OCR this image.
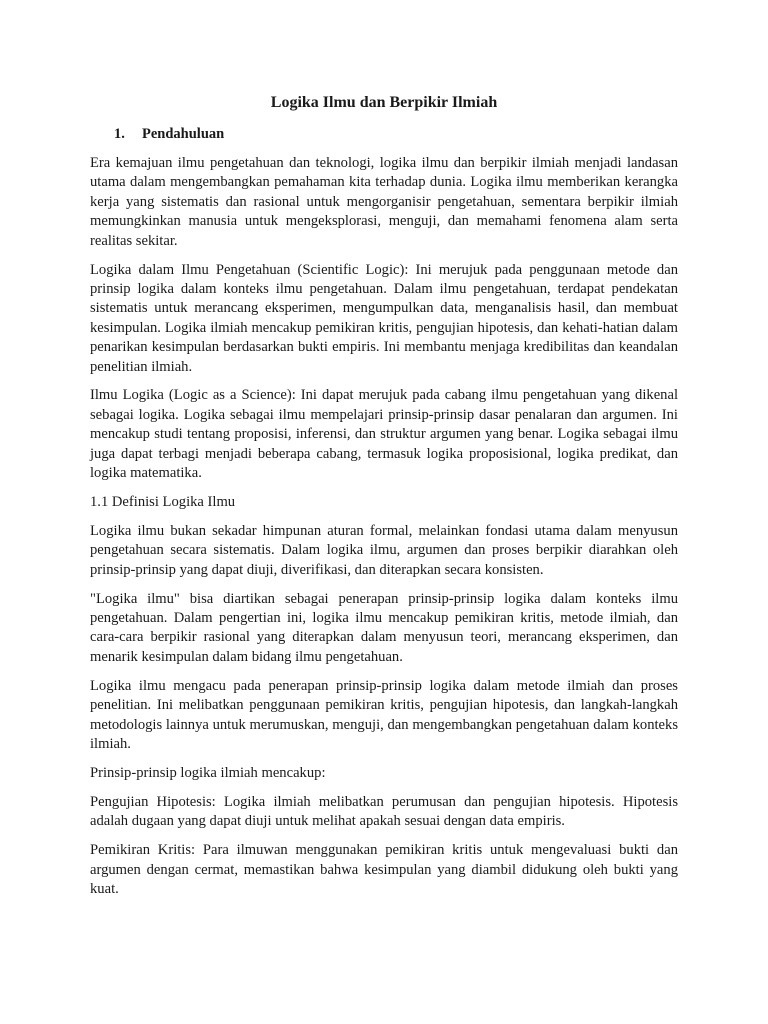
Logika Ilmu dan Berpikir Ilmiah
1.	Pendahuluan

Era kemajuan ilmu pengetahuan dan teknologi, logika ilmu dan berpikir ilmiah menjadi landasan utama dalam mengembangkan pemahaman kita terhadap dunia. Logika ilmu memberikan kerangka kerja yang sistematis dan rasional untuk mengorganisir pengetahuan, sementara berpikir ilmiah memungkinkan manusia untuk mengeksplorasi, menguji, dan memahami fenomena alam serta realitas sekitar.

Logika dalam Ilmu Pengetahuan (Scientific Logic): Ini merujuk pada penggunaan metode dan prinsip logika dalam konteks ilmu pengetahuan. Dalam ilmu pengetahuan, terdapat pendekatan sistematis untuk merancang eksperimen, mengumpulkan data, menganalisis hasil, dan membuat kesimpulan. Logika ilmiah mencakup pemikiran kritis, pengujian hipotesis, dan kehati-hatian dalam penarikan kesimpulan berdasarkan bukti empiris. Ini membantu menjaga kredibilitas dan keandalan penelitian ilmiah.

Ilmu Logika (Logic as a Science): Ini dapat merujuk pada cabang ilmu pengetahuan yang dikenal sebagai logika. Logika sebagai ilmu mempelajari prinsip-prinsip dasar penalaran dan argumen. Ini mencakup studi tentang proposisi, inferensi, dan struktur argumen yang benar. Logika sebagai ilmu juga dapat terbagi menjadi beberapa cabang, termasuk logika proposisional, logika predikat, dan logika matematika.

1.1 Definisi Logika Ilmu

Logika ilmu bukan sekadar himpunan aturan formal, melainkan fondasi utama dalam menyusun pengetahuan secara sistematis. Dalam logika ilmu, argumen dan proses berpikir diarahkan oleh prinsip-prinsip yang dapat diuji, diverifikasi, dan diterapkan secara konsisten.

"Logika ilmu" bisa diartikan sebagai penerapan prinsip-prinsip logika dalam konteks ilmu pengetahuan. Dalam pengertian ini, logika ilmu mencakup pemikiran kritis, metode ilmiah, dan cara-cara berpikir rasional yang diterapkan dalam menyusun teori, merancang eksperimen, dan menarik kesimpulan dalam bidang ilmu pengetahuan.

Logika ilmu mengacu pada penerapan prinsip-prinsip logika dalam metode ilmiah dan proses penelitian. Ini melibatkan penggunaan pemikiran kritis, pengujian hipotesis, dan langkah-langkah metodologis lainnya untuk merumuskan, menguji, dan mengembangkan pengetahuan dalam konteks ilmiah.

Prinsip-prinsip logika ilmiah mencakup:

Pengujian Hipotesis: Logika ilmiah melibatkan perumusan dan pengujian hipotesis. Hipotesis adalah dugaan yang dapat diuji untuk melihat apakah sesuai dengan data empiris.

Pemikiran Kritis: Para ilmuwan menggunakan pemikiran kritis untuk mengevaluasi bukti dan argumen dengan cermat, memastikan bahwa kesimpulan yang diambil didukung oleh bukti yang kuat.
